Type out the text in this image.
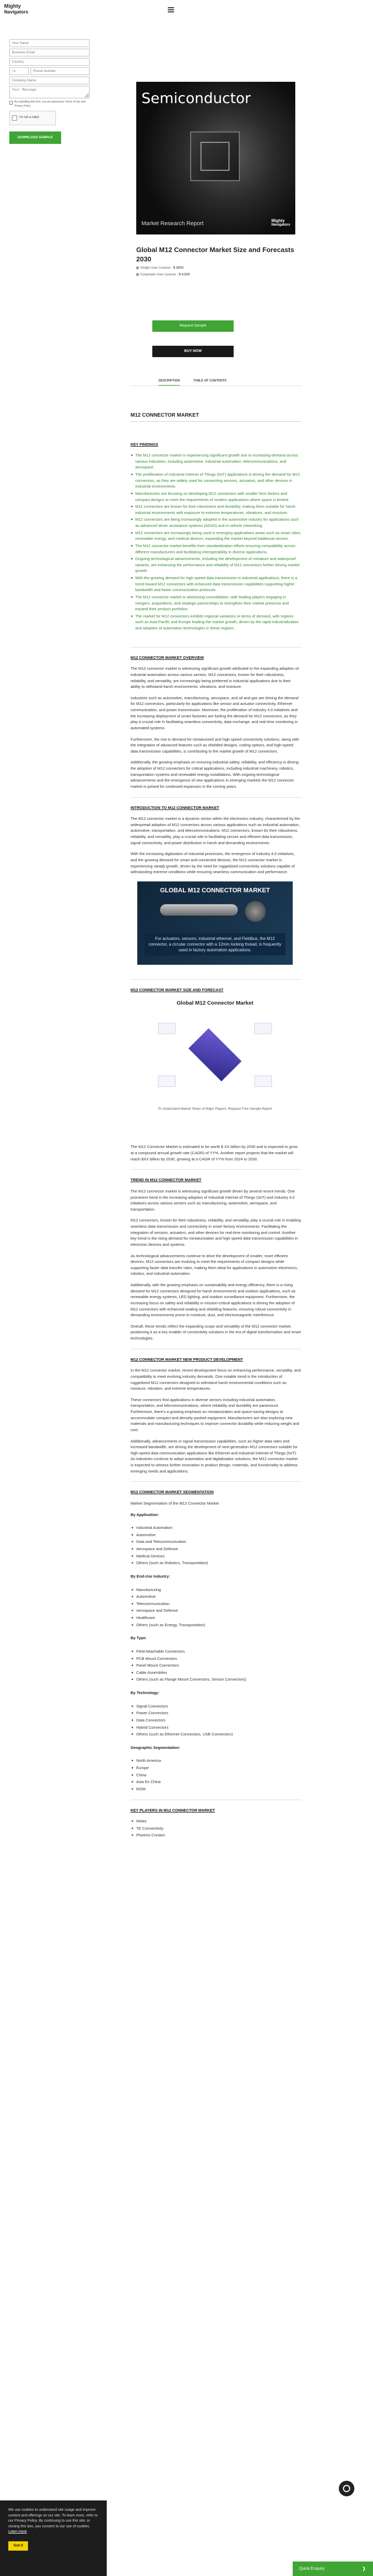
Mighty
Navigators
Your Name
Business Email
Country
+1
Phone Number
Company Name
Your Message
By submitting this form, you are agreeing to Terms of Use and Privacy Policy
I'm not a robot
DOWNLOAD SAMPLE
Semiconductor
Market Research Report	Mighty
Navigators
Global M12 Connector Market Size and Forecasts 2030
Single User License : $ 3500
Corporate User License : $ 4,500
Request Sample
BUY NOW
DESCRIPTION	TABLE OF CONTENTS
M12 CONNECTOR MARKET
KEY FINDINGS
The M12 connector market is experiencing significant growth due to increasing demand across various industries, including automotive, industrial automation, telecommunications, and aerospace.
The proliferation of Industrial Internet of Things (IIoT) applications is driving the demand for M12 connectors, as they are widely used for connecting sensors, actuators, and other devices in industrial environments.
Manufacturers are focusing on developing M12 connectors with smaller form factors and compact designs to meet the requirements of modern applications where space is limited.
M12 connectors are known for their robustness and durability, making them suitable for harsh industrial environments with exposure to extreme temperatures, vibrations, and moisture.
M12 connectors are being increasingly adopted in the automotive industry for applications such as advanced driver assistance systems (ADAS) and in-vehicle networking.
M12 connectors are increasingly being used in emerging applications areas such as smart cities, renewable energy, and medical devices, expanding the market beyond traditional sectors.
The M12 connector market benefits from standardization efforts ensuring compatibility across different manufacturers and facilitating interoperability in diverse applications.
Ongoing technological advancements, including the development of miniature and waterproof variants, are enhancing the performance and reliability of M12 connectors further driving market growth.
With the growing demand for high-speed data transmission in industrial applications, there is a trend toward M12 connectors with enhanced data transmission capabilities supporting higher bandwidth and faster communication protocols.
The M12 connector market is witnessing consolidation, with leading players engaging in mergers, acquisitions, and strategic partnerships to strengthen their market presence and expand their product portfolios.
The market for M12 connectors exhibits regional variations in terms of demand, with regions such as Asia-Pacific and Europe leading the market growth, driven by the rapid industrialization and adoption of automation technologies in these regions.
M12 CONNECTOR MARKET OVERVIEW

The M12 connector market is witnessing significant growth attributed to the expanding adoption of industrial automation across various sectors. M12 connectors, known for their robustness, reliability, and versatility, are increasingly being preferred in industrial applications due to their ability to withstand harsh environments, vibrations, and moisture.

Industries such as automotive, manufacturing, aerospace, and oil and gas are driving the demand for M12 connectors, particularly for applications like sensor and actuator connectivity, Ethernet communication, and power transmission. Moreover, the proliferation of Industry 4.0 initiatives and the increasing deployment of smart factories are fueling the demand for M12 connectors, as they play a crucial role in facilitating seamless connectivity, data exchange, and real-time monitoring in automated systems.

Furthermore, the rise in demand for miniaturized and high-speed connectivity solutions, along with the integration of advanced features such as shielded designs, coding options, and high-speed data transmission capabilities, is contributing to the market growth of M12 connectors.

Additionally, the growing emphasis on ensuring industrial safety, reliability, and efficiency is driving the adoption of M12 connectors for critical applications, including industrial machinery, robotics, transportation systems and renewable energy installations. With ongoing technological advancements and the emergence of new applications in emerging markets the M12 connector market is poised for continued expansion in the coming years.

INTRODUCTION TO M12 CONNECTOR MARKET

The M12 connector market is a dynamic sector within the electronics industry, characterized by the widespread adoption of M12 connectors across various applications such as industrial automation, automotive, transportation, and telecommunications. M12 connectors, known for their robustness, reliability, and versatility, play a crucial role in facilitating secure and efficient data transmission, signal connectivity, and power distribution in harsh and demanding environments.

With the increasing digitization of industrial processes, the emergence of Industry 4.0 initiatives, and the growing demand for smart and connected devices, the M12 connector market is experiencing steady growth, driven by the need for ruggedized connectivity solutions capable of withstanding extreme conditions while ensuring seamless communication and performance.

GLOBAL M12 CONNECTOR MARKET
For actuators, sensors, industrial ethernet, and Fieldbus, the M12 connector, a circular connector with a 12mm locking thread, is frequently used in factory automation applications.
M12 CONNECTOR MARKET SIZE AND FORECAST
Global M12 Connector Market
To Understand Market Share of Major Players- Request Free Sample Report

The M12 Connector Market is estimated to be worth $ XX billion by 2030 and is expected to grow at a compound annual growth rate (CAGR) of YY%. Another report projects that the market will reach $XX billion by 2030, growing at a CAGR of YY% from 2024 to 2030.

TREND IN M12 CONNECTOR MARKET

The M12 connector market is witnessing significant growth driven by several recent trends. One prominent trend is the increasing adoption of Industrial Internet of Things (IIoT) and Industry 4.0 initiatives across various sectors such as manufacturing, automotive, aerospace, and transportation.

M12 connectors, known for their robustness, reliability, and versatility, play a crucial role in enabling seamless data transmission and connectivity in smart factory environments. Facilitating the integration of sensors, actuators, and other devices for real-time monitoring and control. Another key trend is the rising demand for miniaturization and high-speed data transmission capabilities in electronic devices and systems.

As technological advancements continue to drive the development of smaller, more efficient devices, M12 connectors are evolving to meet the requirements of compact designs while supporting faster data transfer rates, making them ideal for applications in automotive electronics, robotics, and industrial automation.

Additionally, with the growing emphasis on sustainability and energy efficiency, there is a rising demand for M12 connectors designed for harsh environments and outdoor applications, such as renewable energy systems, LED lighting, and outdoor surveillance equipment. Furthermore, the increasing focus on safety and reliability in mission-critical applications is driving the adoption of M12 connectors with enhanced sealing and shielding features, ensuring robust connectivity in demanding environments prone to moisture, dust, and electromagnetic interference.

Overall, these trends reflect the expanding scope and versatility of the M12 connector market, positioning it as a key enabler of connectivity solutions in the era of digital transformation and smart technologies.

M12 CONNECTOR MARKET NEW PRODUCT DEVELOPMENT

In the M12 connector market, recent development focus on enhancing performance, versatility, and compatibility to meet evolving industry demands. One notable trend is the introduction of ruggedized M12 connectors designed to withstand harsh environmental conditions such as moisture, vibration, and extreme temperatures.

These connectors find applications in diverse sectors including industrial automation, transportation, and telecommunications, where reliability and durability are paramount. Furthermore, there's a growing emphasis on miniaturization and space-saving designs to accommodate compact and densely packed equipment. Manufacturers are also exploring new materials and manufacturing techniques to improve connector durability while reducing weight and cost.

Additionally, advancements in signal transmission capabilities, such as higher data rates and increased bandwidth, are driving the development of next-generation M12 connectors suitable for high-speed data communication applications like Ethernet and Industrial Internet of Things (IIoT). As industries continue to adopt automation and digitalization solutions, the M12 connector market is expected to witness further innovation in product design, materials, and functionality to address emerging needs and applications.

M12 CONNECTOR MARKET SEGMENTATION

Market Segmentation of the M12 Connector Market

By Application:
Industrial Automation
Automotive
Data and Telecommunication
Aerospace and Defense
Medical Devices
Others (such as Robotics, Transportation)
By End-Use Industry:
Manufacturing
Automotive
Telecommunication
Aerospace and Defense
Healthcare
Others (such as Energy, Transportation)
By Type:
Field Attachable Connectors
PCB Mount Connectors
Panel Mount Connectors
Cable Assemblies
Others (such as Flange Mount Connectors, Sensor Connectors)
By Technology:
Signal Connectors
Power Connectors
Data Connectors
Hybrid Connectors
Others (such as Ethernet Connectors, USB Connectors)
Geographic Segmentation:
North America
Europe
China
Asia Ex China
ROW
KEY PLAYERS IN M12 CONNECTOR MARKET
Molex
TE Connectivity
Phoenix Contact
We use cookies to understand site usage and improve content and offerings on our site. To learn more, refer to our Privacy Policy. By continuing to use this site, or closing this box, you consent to our use of cookies. Learn more
Got it
Quick Enquiry	❯
